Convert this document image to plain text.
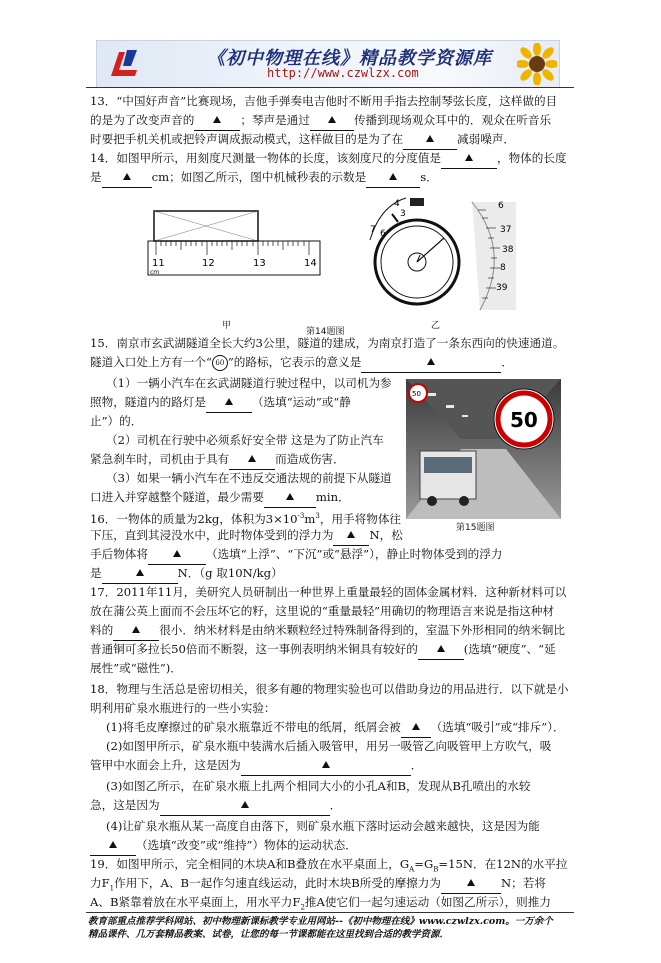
《初中物理在线》精品教学资源库
http://www.czwlzx.com
13．“中国好声音”比赛现场，吉他手弹奏电吉他时不断用手指去控制琴弦长度，这样做的目
的是为了改变声音的	；琴声是通过	传播到现场观众耳中的．观众在听音乐
时要把手机关机或把铃声调成振动模式，这样做目的是为了在	减弱噪声．
14．如图甲所示，用刻度尺测量一物体的长度，该刻度尺的分度值是	，物体的长度
是	cm；如图乙所示，图中机械秒表的示数是	s．
11	12	13	14
cm
4
3
7 6
6
37
38
8
39
甲	乙
第14题图
15．南京市玄武湖隧道全长大约3公里，隧道的建成，为南京打造了一条东西向的快速通道。
隧道入口处上方有一个“ 60 ”的路标，它表示的意义是	．
（1）一辆小汽车在玄武湖隧道行驶过程中，以司机为参
照物，隧道内的路灯是	（选填“运动”或“静
止”）的．
（2）司机在行驶中必须系好安全带 这是为了防止汽车
紧急刹车时，司机由于具有	而造成伤害．
（3）如果一辆小汽车在不违反交通法规的前提下从隧道
口进入并穿越整个隧道，最少需要	min．
50
50
第15题图
16．一物体的质量为2kg，体积为$3\times 10^{-3}m^3$，用手将物体往
下压，直到其浸没水中，此时物体受到的浮力为	N，松
手后物体将	（选填“上浮”、“下沉”或“悬浮”），静止时物体受到的浮力
是	N．（g 取10N/kg）
17．2011年11月，美研究人员研制出一种世界上重量最轻的固体金属材料．这种新材料可以
放在蒲公英上面而不会压坏它的籽，这里说的“重量最轻”用确切的物理语言来说是指这种材
料的	很小．纳米材料是由纳米颗粒经过特殊制备得到的，室温下外形相同的纳米铜比
普通铜可多拉长50倍而不断裂，这一事例表明纳米铜具有较好的	(选填“硬度”、“延
展性”或“磁性”)．
18．物理与生活总是密切相关，很多有趣的物理实验也可以借助身边的用品进行．以下就是小
明利用矿泉水瓶进行的一些小实验：
(1)将毛皮摩擦过的矿泉水瓶靠近不带电的纸屑，纸屑会被	（选填“吸引”或“排斥”）．
(2)如图甲所示，矿泉水瓶中装满水后插入吸管甲，用另一吸管乙向吸管甲上方吹气，吸
管甲中水面会上升，这是因为	．
(3)如图乙所示，在矿泉水瓶上扎两个相同大小的小孔A和B，发现从B孔喷出的水较
急，这是因为	．
(4)让矿泉水瓶从某一高度自由落下，则矿泉水瓶下落时运动会越来越快，这是因为能
（选填“改变”或“维持”）物体的运动状态．
19．如图甲所示，完全相同的木块A和B叠放在水平桌面上，$G_A=G_B=15N$．在12N的水平拉
力$F_1$作用下，A、B一起作匀速直线运动，此时木块B所受的摩擦力为	N；若将
A、B紧靠着放在水平桌面上，用水平力$F_2$推A使它们一起匀速运动（如图乙所示），则推力
教育部重点推荐学科网站、初中物理新课标教学专业用网站--《初中物理在线》www.czwlzx.com。一万余个
精品课件、几万套精品教案、试卷，让您的每一节课都能在这里找到合适的教学资源．
